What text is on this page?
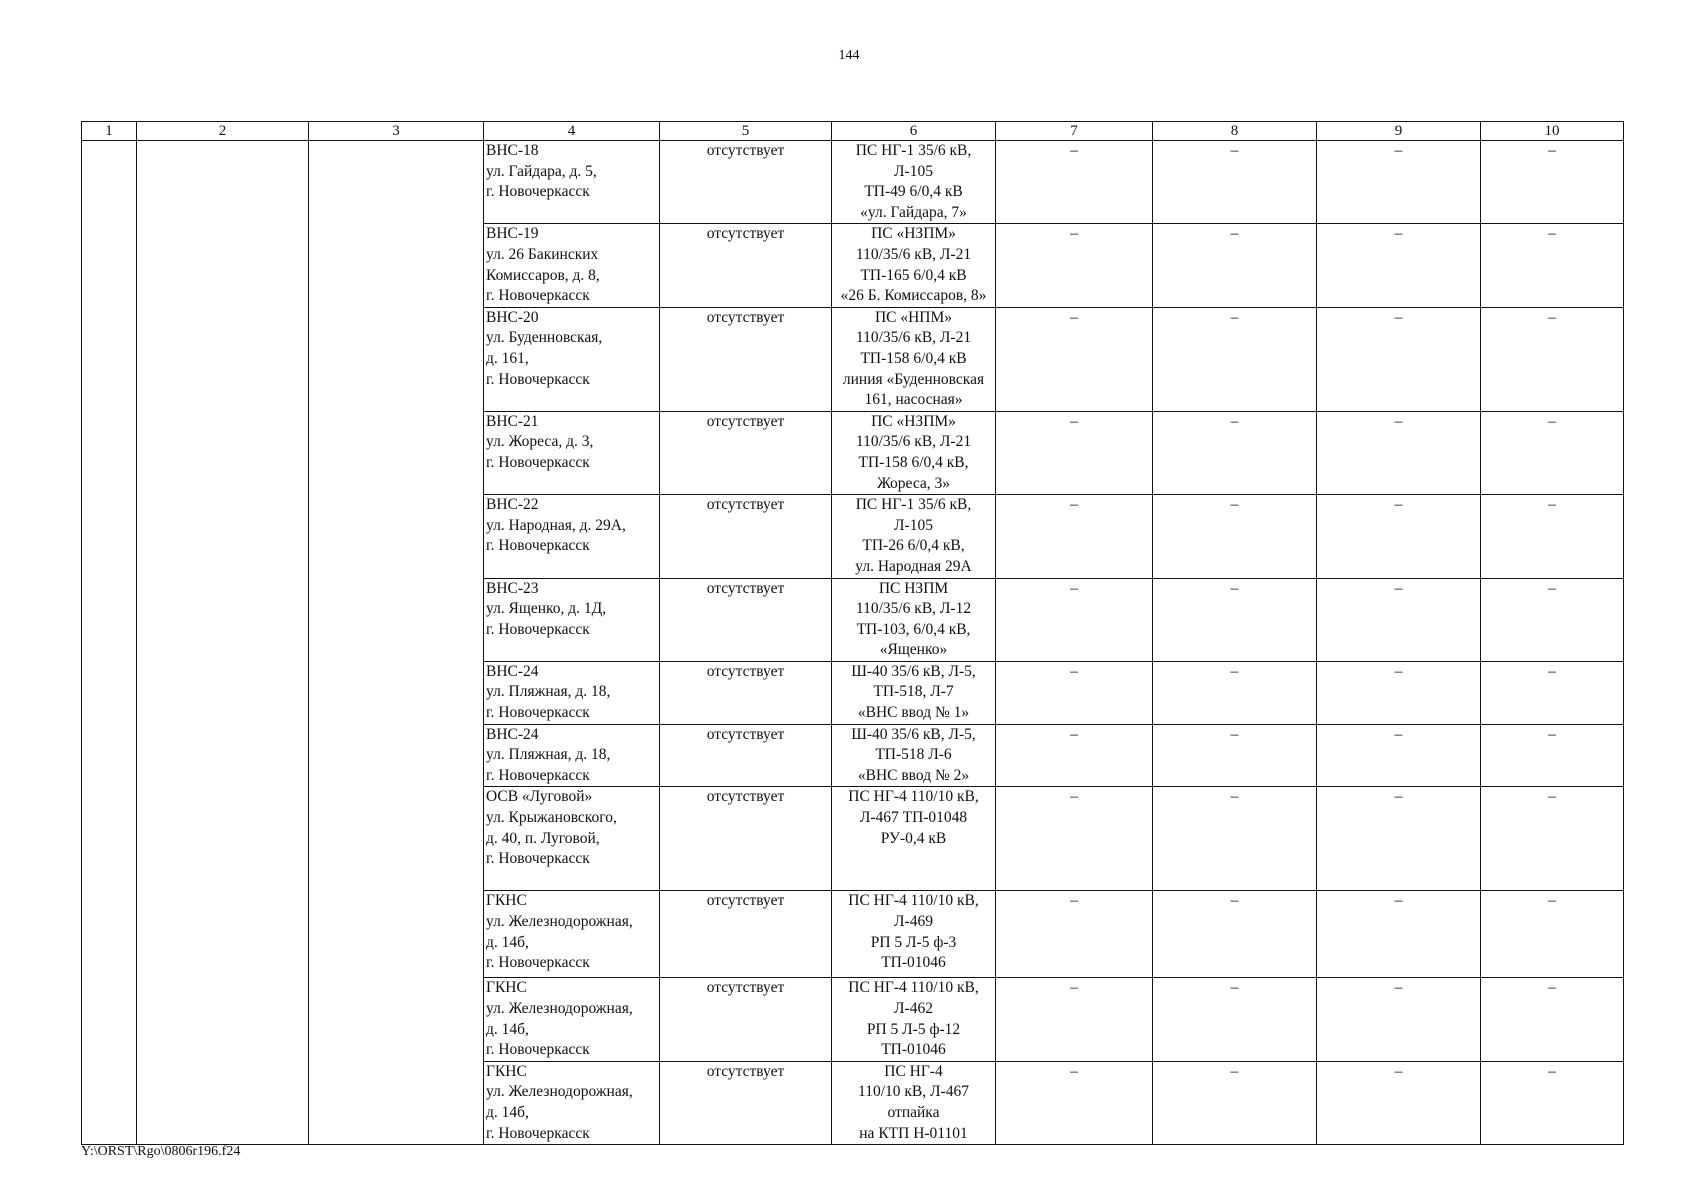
144
1	2	3	4	5	6	7	8	9	10
			ВНС-18
ул. Гайдара, д. 5,
г. Новочеркасск	отсутствует	ПС НГ-1 35/6 кВ,
Л-105
ТП-49 6/0,4 кВ
«ул. Гайдара, 7»	–	–	–	–
			ВНС-19
ул. 26 Бакинских
Комиссаров, д. 8,
г. Новочеркасск	отсутствует	ПС «НЗПМ»
110/35/6 кВ, Л-21
ТП-165 6/0,4 кВ
«26 Б. Комиссаров, 8»	–	–	–	–
			ВНС-20
ул. Буденновская,
д. 161,
г. Новочеркасск	отсутствует	ПС «НПМ»
110/35/6 кВ, Л-21
ТП-158 6/0,4 кВ
линия «Буденновская
161, насосная»	–	–	–	–
			ВНС-21
ул. Жореса, д. 3,
г. Новочеркасск	отсутствует	ПС «НЗПМ»
110/35/6 кВ, Л-21
ТП-158 6/0,4 кВ,
Жореса, 3»	–	–	–	–
			ВНС-22
ул. Народная, д. 29А,
г. Новочеркасск	отсутствует	ПС НГ-1 35/6 кВ,
Л-105
ТП-26 6/0,4 кВ,
ул. Народная 29А	–	–	–	–
			ВНС-23
ул. Ященко, д. 1Д,
г. Новочеркасск	отсутствует	ПС НЗПМ
110/35/6 кВ, Л-12
ТП-103, 6/0,4 кВ,
«Ященко»	–	–	–	–
			ВНС-24
ул. Пляжная, д. 18,
г. Новочеркасск	отсутствует	Ш-40 35/6 кВ, Л-5,
ТП-518, Л-7
«ВНС ввод № 1»	–	–	–	–
			ВНС-24
ул. Пляжная, д. 18,
г. Новочеркасск	отсутствует	Ш-40 35/6 кВ, Л-5,
ТП-518 Л-6
«ВНС ввод № 2»	–	–	–	–
			ОСВ «Луговой»
ул. Крыжановского,
д. 40, п. Луговой,
г. Новочеркасск	отсутствует	ПС НГ-4 110/10 кВ,
Л-467 ТП-01048
РУ-0,4 кВ	–	–	–	–
			ГКНС
ул. Железнодорожная,
д. 14б,
г. Новочеркасск	отсутствует	ПС НГ-4 110/10 кВ,
Л-469
РП 5 Л-5 ф-3
ТП-01046	–	–	–	–
			ГКНС
ул. Железнодорожная,
д. 14б,
г. Новочеркасск	отсутствует	ПС НГ-4 110/10 кВ,
Л-462
РП 5 Л-5 ф-12
ТП-01046	–	–	–	–
			ГКНС
ул. Железнодорожная,
д. 14б,
г. Новочеркасск	отсутствует	ПС НГ-4
110/10 кВ, Л-467
отпайка
на КТП Н-01101	–	–	–	–
Y:\ORST\Rgo\0806r196.f24
